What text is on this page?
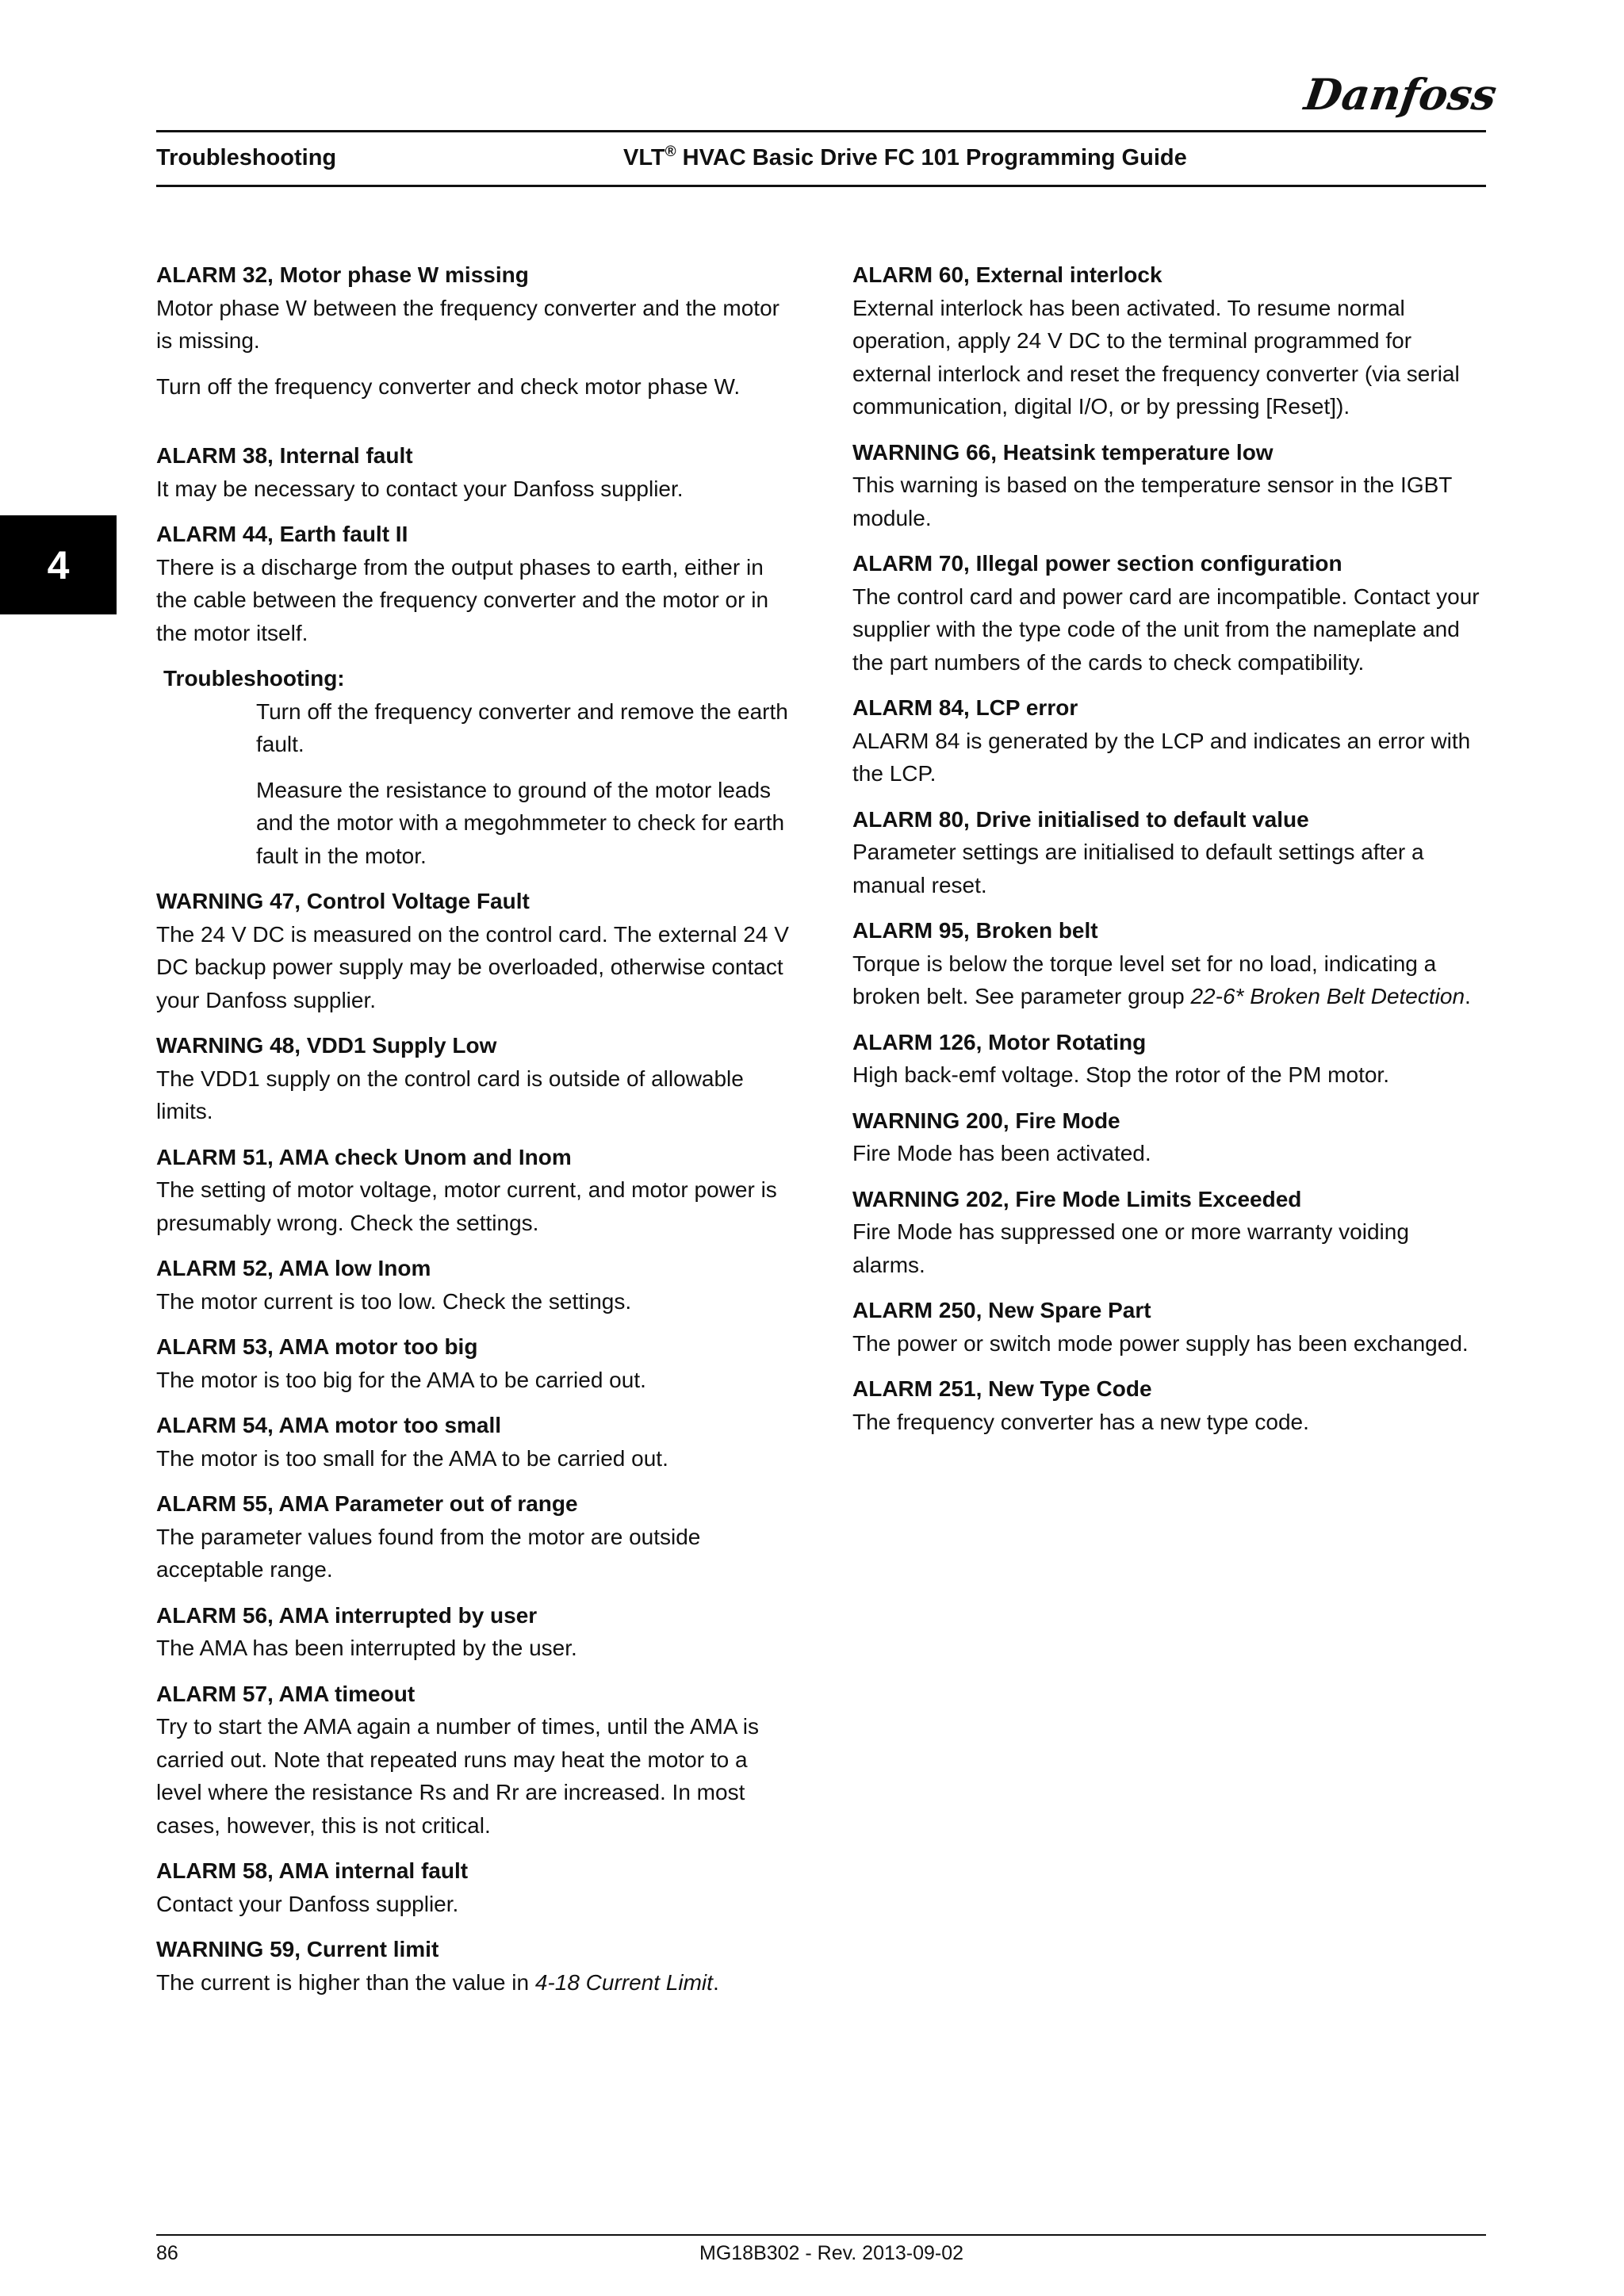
Danfoss
Troubleshooting	VLT® HVAC Basic Drive FC 101 Programming Guide
4
ALARM 32, Motor phase W missing

Motor phase W between the frequency converter and the motor is missing.

Turn off the frequency converter and check motor phase W.

ALARM 38, Internal fault

It may be necessary to contact your Danfoss supplier.

ALARM 44, Earth fault II

There is a discharge from the output phases to earth, either in the cable between the frequency converter and the motor or in the motor itself.

Troubleshooting:

Turn off the frequency converter and remove the earth fault.

Measure the resistance to ground of the motor leads and the motor with a megohmmeter to check for earth fault in the motor.

WARNING 47, Control Voltage Fault

The 24 V DC is measured on the control card. The external 24 V DC backup power supply may be overloaded, otherwise contact your Danfoss supplier.

WARNING 48, VDD1 Supply Low

The VDD1 supply on the control card is outside of allowable limits.

ALARM 51, AMA check Unom and Inom

The setting of motor voltage, motor current, and motor power is presumably wrong. Check the settings.

ALARM 52, AMA low Inom

The motor current is too low. Check the settings.

ALARM 53, AMA motor too big

The motor is too big for the AMA to be carried out.

ALARM 54, AMA motor too small

The motor is too small for the AMA to be carried out.

ALARM 55, AMA Parameter out of range

The parameter values found from the motor are outside acceptable range.

ALARM 56, AMA interrupted by user

The AMA has been interrupted by the user.

ALARM 57, AMA timeout

Try to start the AMA again a number of times, until the AMA is carried out. Note that repeated runs may heat the motor to a level where the resistance Rs and Rr are increased. In most cases, however, this is not critical.

ALARM 58, AMA internal fault

Contact your Danfoss supplier.

WARNING 59, Current limit

The current is higher than the value in 4-18 Current Limit.

ALARM 60, External interlock

External interlock has been activated. To resume normal operation, apply 24 V DC to the terminal programmed for external interlock and reset the frequency converter (via serial communication, digital I/O, or by pressing [Reset]).

WARNING 66, Heatsink temperature low

This warning is based on the temperature sensor in the IGBT module.

ALARM 70, Illegal power section configuration

The control card and power card are incompatible. Contact your supplier with the type code of the unit from the nameplate and the part numbers of the cards to check compatibility.

ALARM 84, LCP error

ALARM 84 is generated by the LCP and indicates an error with the LCP.

ALARM 80, Drive initialised to default value

Parameter settings are initialised to default settings after a manual reset.

ALARM 95, Broken belt

Torque is below the torque level set for no load, indicating a broken belt. See parameter group 22-6* Broken Belt Detection.

ALARM 126, Motor Rotating

High back-emf voltage. Stop the rotor of the PM motor.

WARNING 200, Fire Mode

Fire Mode has been activated.

WARNING 202, Fire Mode Limits Exceeded

Fire Mode has suppressed one or more warranty voiding alarms.

ALARM 250, New Spare Part

The power or switch mode power supply has been exchanged.

ALARM 251, New Type Code

The frequency converter has a new type code.

86	MG18B302 - Rev. 2013-09-02
